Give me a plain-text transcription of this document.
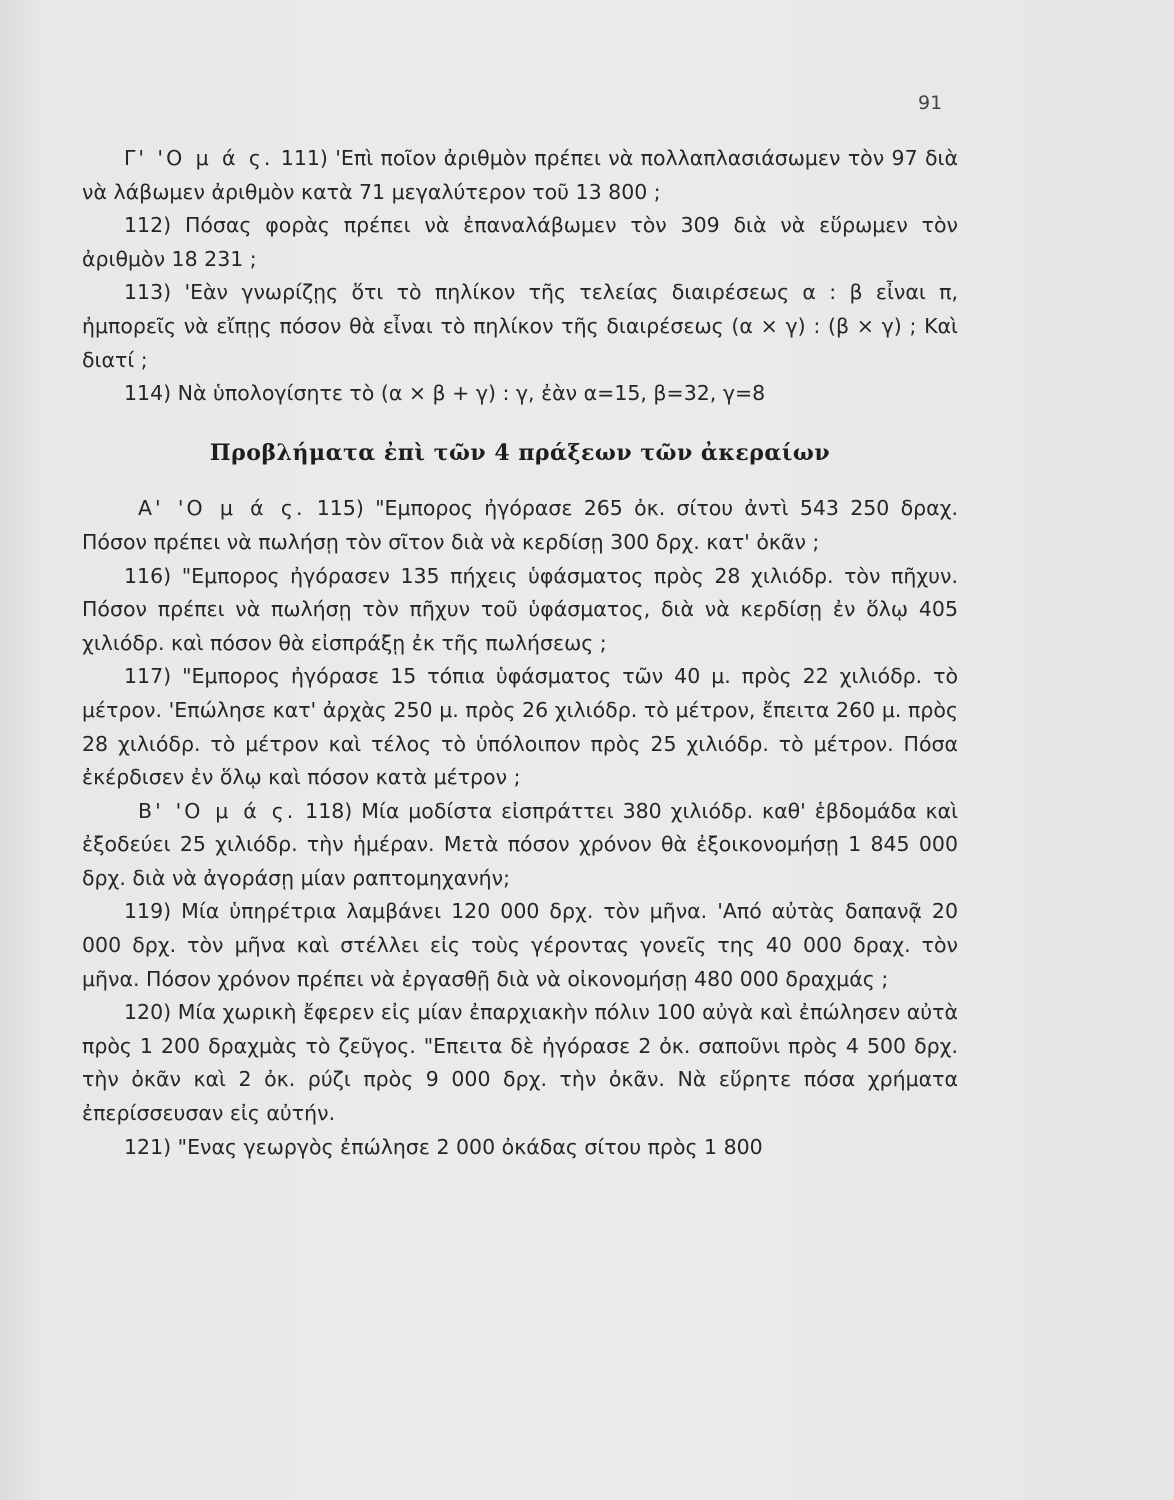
91

Γ' 'Ο μ ά ς. 111) 'Επὶ ποῖον ἀριθμὸν πρέπει νὰ πολλαπλασιάσωμεν τὸν 97 διὰ νὰ λάβωμεν ἀριθμὸν κατὰ 71 μεγαλύτερον τοῦ 13 800 ;

112) Πόσας φορὰς πρέπει νὰ ἐπαναλάβωμεν τὸν 309 διὰ νὰ εὕρωμεν τὸν ἀριθμὸν 18 231 ;

113) 'Εὰν γνωρίζῃς ὅτι τὸ πηλίκον τῆς τελείας διαιρέσεως α : β εἶναι π, ἠμπορεῖς νὰ εἴπῃς πόσον θὰ εἶναι τὸ πηλίκον τῆς διαιρέσεως (α × γ) : (β × γ) ; Καὶ διατί ;

114) Νὰ ὑπολογίσητε τὸ (α × β + γ) : γ, ἐὰν α=15, β=32, γ=8

Προβλήματα ἐπὶ τῶν 4 πράξεων τῶν ἀκεραίων

Α' 'Ο μ ά ς. 115) "Εμπορος ἠγόρασε 265 ὀκ. σίτου ἀντὶ 543 250 δραχ. Πόσον πρέπει νὰ πωλήσῃ τὸν σῖτον διὰ νὰ κερδίσῃ 300 δρχ. κατ' ὀκᾶν ;

116) "Εμπορος ἠγόρασεν 135 πήχεις ὑφάσματος πρὸς 28 χιλιόδρ. τὸν πῆχυν. Πόσον πρέπει νὰ πωλήσῃ τὸν πῆχυν τοῦ ὑφάσματος, διὰ νὰ κερδίσῃ ἐν ὅλῳ 405 χιλιόδρ. καὶ πόσον θὰ εἰσπράξῃ ἐκ τῆς πωλήσεως ;

117) "Εμπορος ἠγόρασε 15 τόπια ὑφάσματος τῶν 40 μ. πρὸς 22 χιλιόδρ. τὸ μέτρον. 'Επώλησε κατ' ἀρχὰς 250 μ. πρὸς 26 χιλιόδρ. τὸ μέτρον, ἔπειτα 260 μ. πρὸς 28 χιλιόδρ. τὸ μέτρον καὶ τέλος τὸ ὑπόλοιπον πρὸς 25 χιλιόδρ. τὸ μέτρον. Πόσα ἐκέρδισεν ἐν ὅλῳ καὶ πόσον κατὰ μέτρον ;

Β' 'Ο μ ά ς. 118) Μία μοδίστα εἰσπράττει 380 χιλιόδρ. καθ' ἑβδομάδα καὶ ἐξοδεύει 25 χιλιόδρ. τὴν ἡμέραν. Μετὰ πόσον χρόνον θὰ ἐξοικονομήσῃ 1 845 000 δρχ. διὰ νὰ ἀγοράσῃ μίαν ραπτομηχανήν;

119) Μία ὑπηρέτρια λαμβάνει 120 000 δρχ. τὸν μῆνα. 'Από αὐτὰς δαπανᾷ 20 000 δρχ. τὸν μῆνα καὶ στέλλει εἰς τοὺς γέροντας γονεῖς της 40 000 δραχ. τὸν μῆνα. Πόσον χρόνον πρέπει νὰ ἐργασθῇ διὰ νὰ οἰκονομήσῃ 480 000 δραχμάς ;

120) Μία χωρικὴ ἔφερεν εἰς μίαν ἐπαρχιακὴν πόλιν 100 αὐγὰ καὶ ἐπώλησεν αὐτὰ πρὸς 1 200 δραχμὰς τὸ ζεῦγος. "Επειτα δὲ ἠγόρασε 2 ὀκ. σαποῦνι πρὸς 4 500 δρχ. τὴν ὀκᾶν καὶ 2 ὀκ. ρύζι πρὸς 9 000 δρχ. τὴν ὀκᾶν. Νὰ εὕρητε πόσα χρήματα ἐπερίσσευσαν εἰς αὐτήν.

121) "Ενας γεωργὸς ἐπώλησε 2 000 ὀκάδας σίτου πρὸς 1 800
